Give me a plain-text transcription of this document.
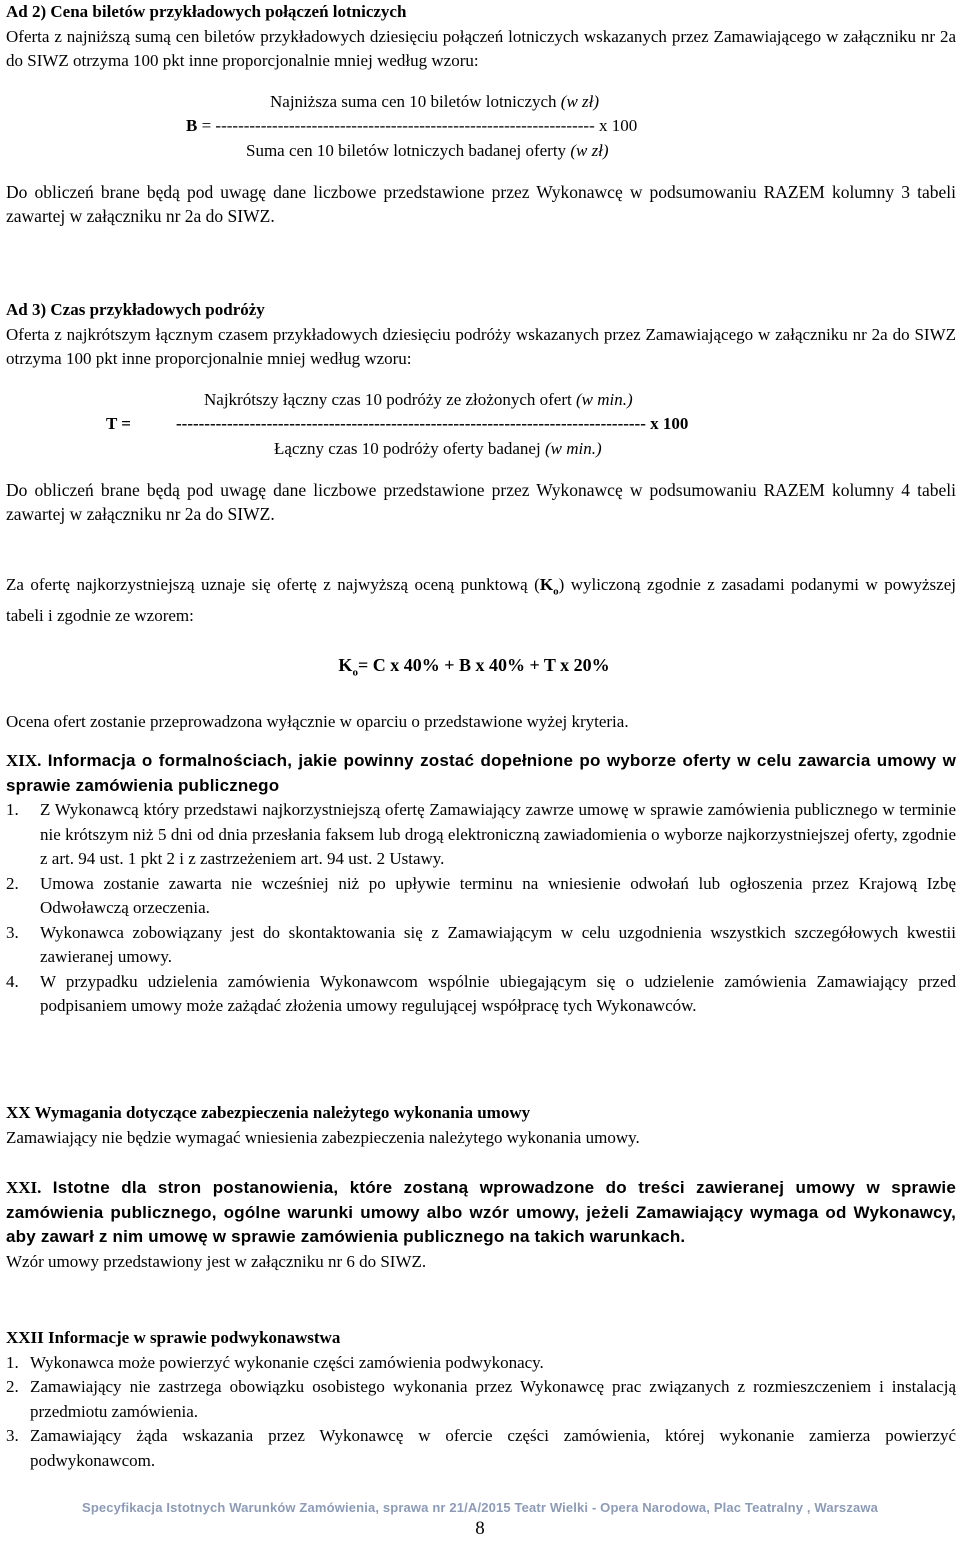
Ad 2) Cena biletów przykładowych połączeń lotniczych

Oferta z najniższą sumą cen biletów przykładowych dziesięciu połączeń lotniczych wskazanych przez Zamawiającego w załączniku nr 2a do SIWZ otrzyma 100 pkt inne proporcjonalnie mniej według wzoru:

Najniższa suma cen 10 biletów lotniczych (w zł)
B = ------------------------------------------------------------------- x 100
Suma cen 10 biletów lotniczych badanej oferty (w zł)

Do obliczeń brane będą pod uwagę dane liczbowe przedstawione przez Wykonawcę w podsumowaniu RAZEM kolumny 3 tabeli zawartej w załączniku nr 2a do SIWZ.

Ad 3) Czas przykładowych podróży

Oferta z najkrótszym łącznym czasem przykładowych dziesięciu podróży wskazanych przez Zamawiającego w załączniku nr 2a do SIWZ otrzyma 100 pkt inne proporcjonalnie mniej według wzoru:

Najkrótszy łączny czas 10 podróży ze złożonych ofert (w min.)
T =	----------------------------------------------------------------------------------- x 100
Łączny czas 10 podróży oferty badanej (w min.)

Do obliczeń brane będą pod uwagę dane liczbowe przedstawione przez Wykonawcę w podsumowaniu RAZEM kolumny 4 tabeli zawartej w załączniku nr 2a do SIWZ.

Za ofertę najkorzystniejszą uznaje się ofertę z najwyższą oceną punktową $(K_o)$ wyliczoną zgodnie z zasadami podanymi w powyższej tabeli i zgodnie ze wzorem:

$K_o= C$ x 40% + B x 40% + T x 20%

Ocena ofert zostanie przeprowadzona wyłącznie w oparciu o przedstawione wyżej kryteria.

XIX. Informacja o formalnościach, jakie powinny zostać dopełnione po wyborze oferty w celu zawarcia umowy w sprawie zamówienia publicznego

1. Z Wykonawcą który przedstawi najkorzystniejszą ofertę Zamawiający zawrze umowę w sprawie zamówienia publicznego w terminie nie krótszym niż 5 dni od dnia przesłania faksem lub drogą elektroniczną zawiadomienia o wyborze najkorzystniejszej oferty, zgodnie z art. 94 ust. 1 pkt 2 i z zastrzeżeniem art. 94 ust. 2 Ustawy.
2. Umowa zostanie zawarta nie wcześniej niż po upływie terminu na wniesienie odwołań lub ogłoszenia przez Krajową Izbę Odwoławczą orzeczenia.
3. Wykonawca zobowiązany jest do skontaktowania się z Zamawiającym w celu uzgodnienia wszystkich szczegółowych kwestii zawieranej umowy.
4. W przypadku udzielenia zamówienia Wykonawcom wspólnie ubiegającym się o udzielenie zamówienia Zamawiający przed podpisaniem umowy może zażądać złożenia umowy regulującej współpracę tych Wykonawców.

XX Wymagania dotyczące zabezpieczenia należytego wykonania umowy

Zamawiający nie będzie wymagać wniesienia zabezpieczenia należytego wykonania umowy.

XXI. Istotne dla stron postanowienia, które zostaną wprowadzone do treści zawieranej umowy w sprawie zamówienia publicznego, ogólne warunki umowy albo wzór umowy, jeżeli Zamawiający wymaga od Wykonawcy, aby zawarł z nim umowę w sprawie zamówienia publicznego na takich warunkach.

Wzór umowy przedstawiony jest w załączniku nr 6 do SIWZ.

XXII Informacje w sprawie podwykonawstwa

1. Wykonawca może powierzyć wykonanie części zamówienia podwykonacy.
2. Zamawiający nie zastrzega obowiązku osobistego wykonania przez Wykonawcę prac związanych z rozmieszczeniem i instalacją przedmiotu zamówienia.
3. Zamawiający żąda wskazania przez Wykonawcę w ofercie części zamówienia, której wykonanie zamierza powierzyć podwykonawcom.
Specyfikacja Istotnych Warunków Zamówienia, sprawa nr 21/A/2015 Teatr Wielki - Opera Narodowa, Plac Teatralny , Warszawa
8
